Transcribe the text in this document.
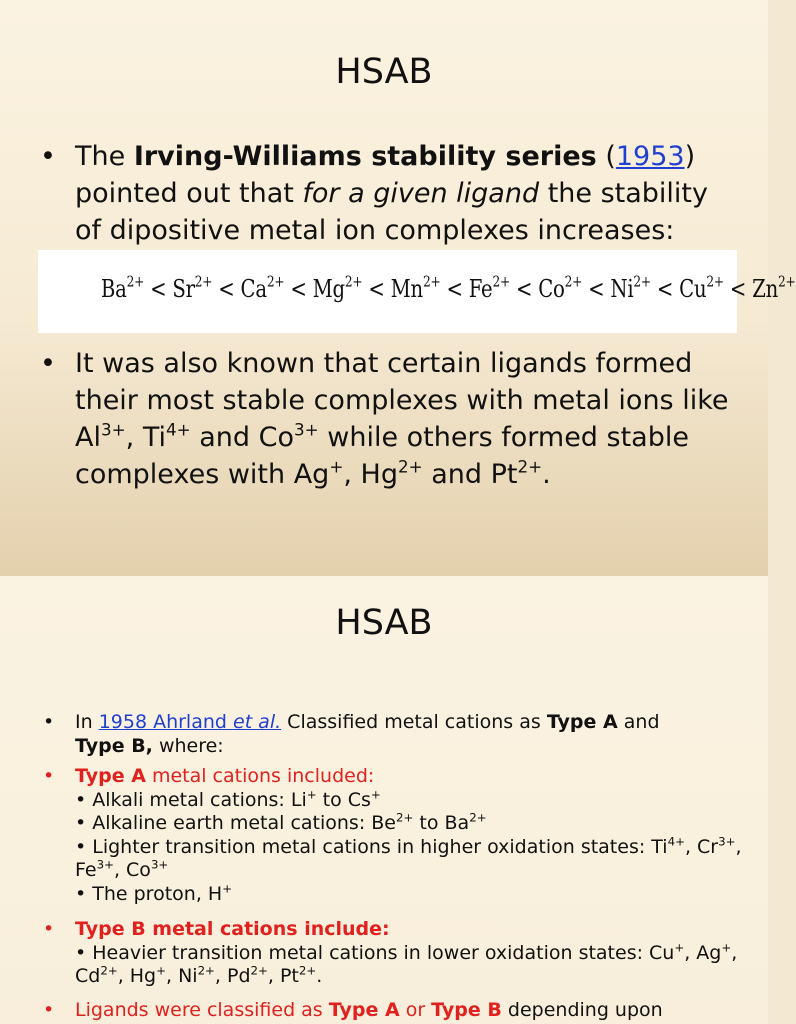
HSAB
• The Irving-Williams stability series (1953)
pointed out that for a given ligand the stability of dipositive metal ion complexes increases:
$Ba^{2+} < Sr^{2+} < Ca^{2+} < Mg^{2+} < Mn^{2+} < Fe^{2+} < Co^{2+} < Ni^{2+} < Cu^{2+} < Zn^{2+}$
• It was also known that certain ligands formed their most stable complexes with metal ions like $Al^{3+}$, $Ti^{4+}$ and $Co^{3+}$ while others formed stable complexes with Ag+, $Hg^{2+}$ and $Pt^{2+}$.
HSAB
• In 1958 Ahrland et al. Classified metal cations as Type A and
Type B, where:
• Type A metal cations included:
• Alkali metal cations: Li+ to Cs+
• Alkaline earth metal cations: $Be^{2+}$ to $Ba^{2+}$
• Lighter transition metal cations in higher oxidation states: $Ti^{4+}$, $Cr^{3+}$, $Fe^{3+}$, $Co^{3+}$
• The proton, H+
• Type B metal cations include:
• Heavier transition metal cations in lower oxidation states: Cu+, Ag+, $Cd^{2+}$, Hg+, $Ni^{2+}$, $Pd^{2+}$, $Pt^{2+}$.
• Ligands were classified as Type A or Type B depending upon
